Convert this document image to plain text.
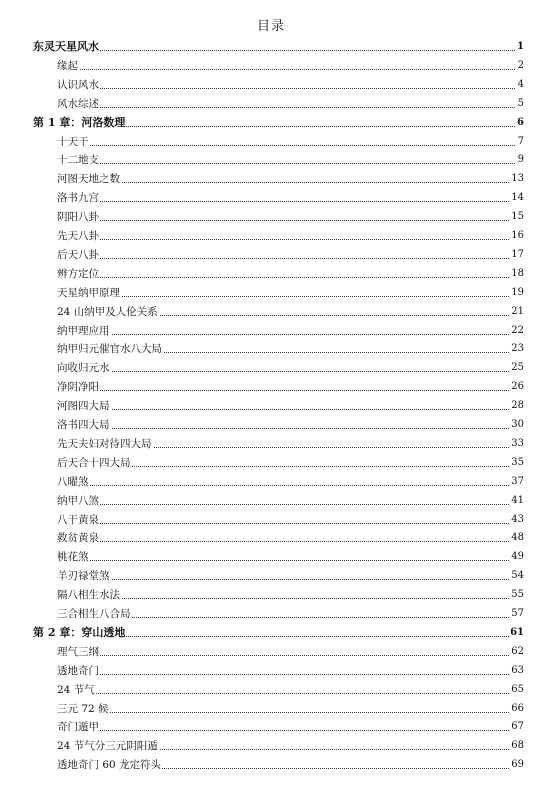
目录
东灵天星风水	1
缘起	2
认识风水	4
风水综述	5
第 1 章：河洛数理	6
十天干	7
十二地支	9
河图天地之数	13
洛书九宫	14
阴阳八卦	15
先天八卦	16
后天八卦	17
辨方定位	18
天星纳甲原理	19
24 山纳甲及人伦关系	21
纳甲理应用	22
纳甲归元催官水八大局	23
向收归元水	25
净阴净阳	26
河图四大局	28
洛书四大局	30
先天夫妇对待四大局	33
后天合十四大局	35
八曜煞	37
纳甲八煞	41
八干黄泉	43
救贫黄泉	48
桃花煞	49
羊刃禄堂煞	54
隔八相生水法	55
三合相生八合局	57
第 2 章：穿山透地	61
理气三纲	62
透地奇门	63
24 节气	65
三元 72 候	66
奇门遁甲	67
24 节气分三元阴阳遁	68
透地奇门 60 龙定符头	69
